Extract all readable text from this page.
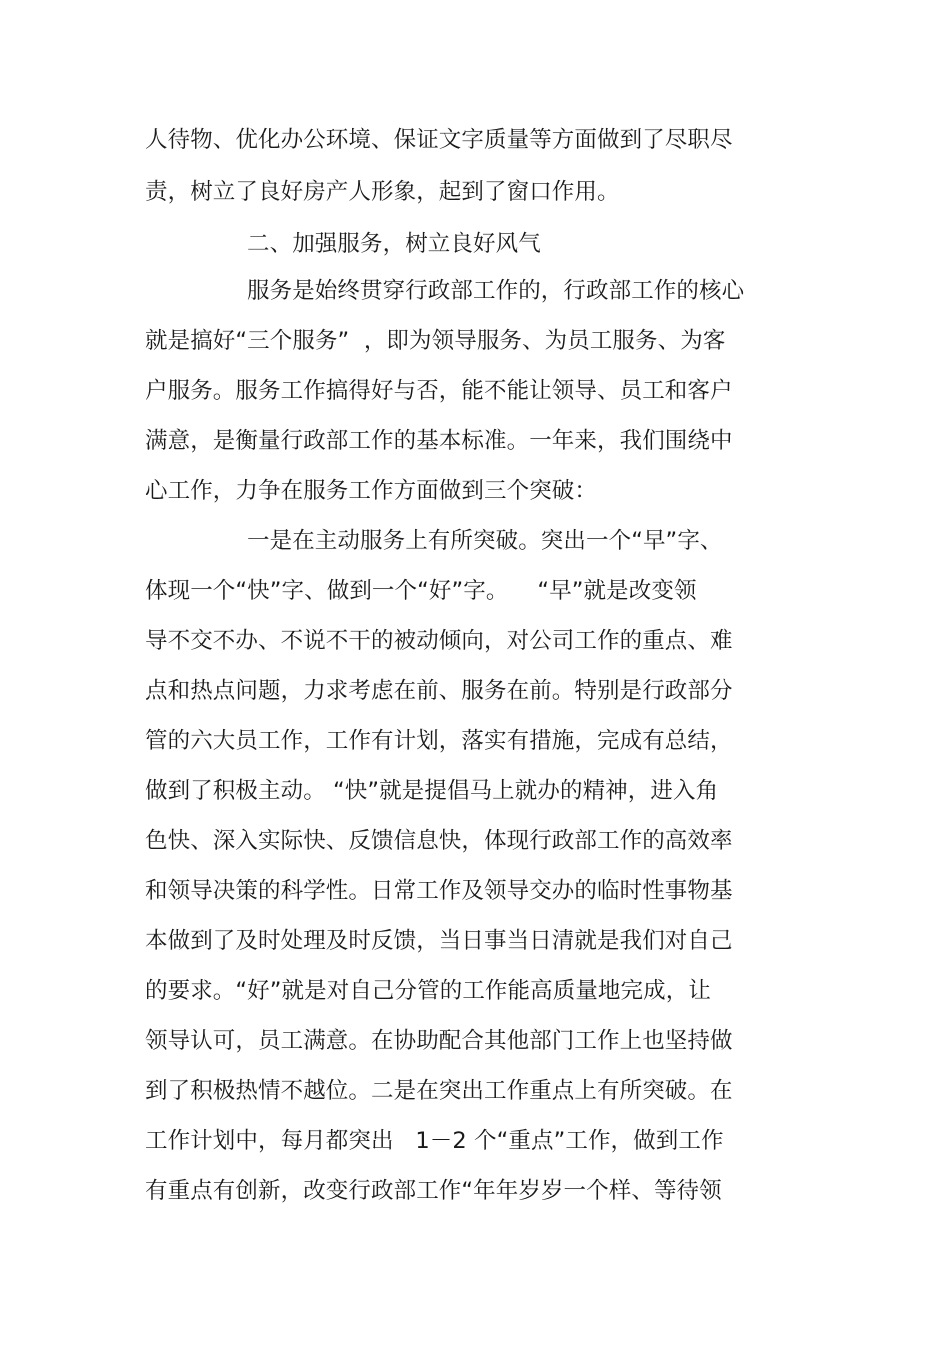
人待物、优化办公环境、保证文字质量等方面做到了尽职尽
责，树立了良好房产人形象，起到了窗口作用。
二、加强服务，树立良好风气
服务是始终贯穿行政部工作的，行政部工作的核心
就是搞好“三个服务”  ，即为领导服务、为员工服务、为客
户服务。服务工作搞得好与否，能不能让领导、员工和客户
满意，是衡量行政部工作的基本标准。一年来，我们围绕中
心工作，力争在服务工作方面做到三个突破：
一是在主动服务上有所突破。突出一个“早”字、
体现一个“快”字、做到一个“好”字。    “早”就是改变领
导不交不办、不说不干的被动倾向，对公司工作的重点、难
点和热点问题，力求考虑在前、服务在前。特别是行政部分
管的六大员工作，工作有计划，落实有措施，完成有总结，
做到了积极主动。 “快”就是提倡马上就办的精神，进入角
色快、深入实际快、反馈信息快，体现行政部工作的高效率
和领导决策的科学性。日常工作及领导交办的临时性事物基
本做到了及时处理及时反馈，当日事当日清就是我们对自己
的要求。“好”就是对自己分管的工作能高质量地完成，让
领导认可，员工满意。在协助配合其他部门工作上也坚持做
到了积极热情不越位。二是在突出工作重点上有所突破。在
工作计划中，每月都突出   1－2 个“重点”工作，做到工作
有重点有创新，改变行政部工作“年年岁岁一个样、等待领
